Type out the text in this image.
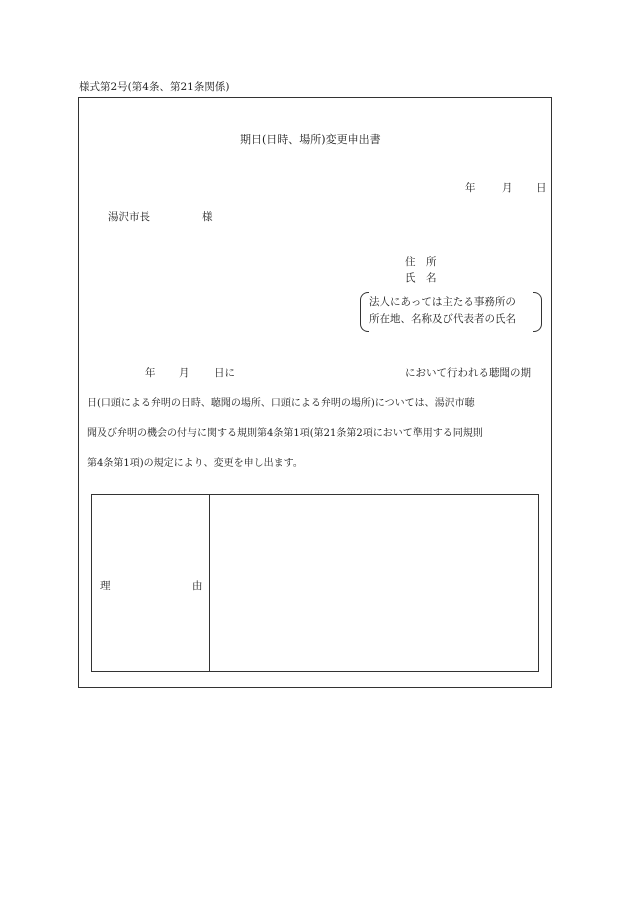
様式第2号(第4条、第21条関係)
期日(日時、場所)変更申出書
年	月 日
湯沢市長	様
住　所
氏　名
法人にあっては主たる事務所の
所在地、名称及び代表者の氏名
年 月 日に	において行われる聴聞の期
日(口頭による弁明の日時、聴聞の場所、口頭による弁明の場所)については、湯沢市聴
聞及び弁明の機会の付与に関する規則第4条第1項(第21条第2項において準用する同規則
第4条第1項)の規定により、変更を申し出ます。
理	由
